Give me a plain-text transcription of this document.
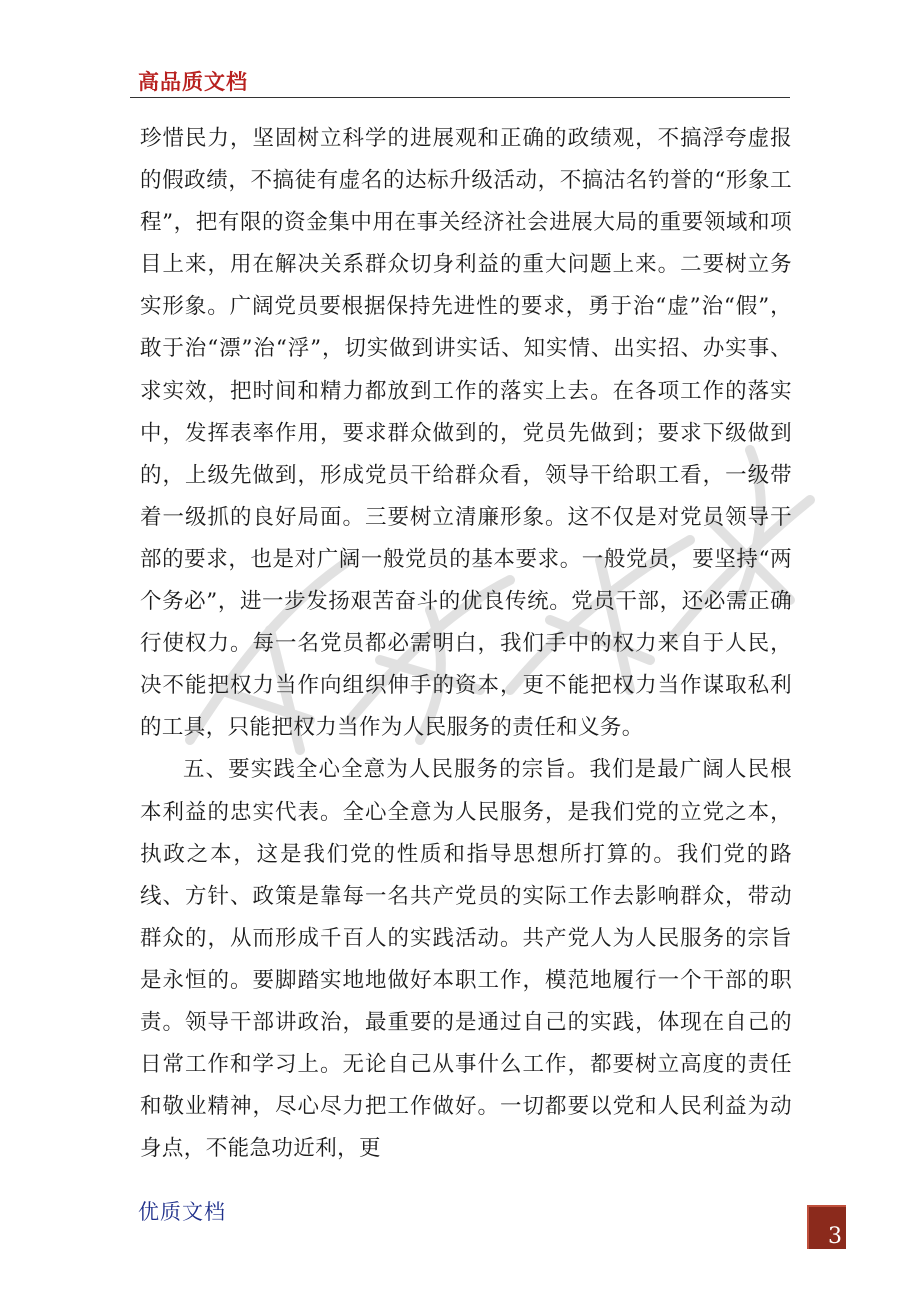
高品质文档

珍惜民力，坚固树立科学的进展观和正确的政绩观，不搞浮夸虚报的假政绩，不搞徒有虚名的达标升级活动，不搞沽名钓誉的“形象工程”，把有限的资金集中用在事关经济社会进展大局的重要领域和项目上来，用在解决关系群众切身利益的重大问题上来。二要树立务实形象。广阔党员要根据保持先进性的要求，勇于治“虚”治“假”，敢于治“漂”治“浮”，切实做到讲实话、知实情、出实招、办实事、求实效，把时间和精力都放到工作的落实上去。在各项工作的落实中，发挥表率作用，要求群众做到的，党员先做到；要求下级做到的，上级先做到，形成党员干给群众看，领导干给职工看，一级带着一级抓的良好局面。三要树立清廉形象。这不仅是对党员领导干部的要求，也是对广阔一般党员的基本要求。一般党员，要坚持“两个务必”，进一步发扬艰苦奋斗的优良传统。党员干部，还必需正确行使权力。每一名党员都必需明白，我们手中的权力来自于人民，决不能把权力当作向组织伸手的资本，更不能把权力当作谋取私利的工具，只能把权力当作为人民服务的责任和义务。

五、要实践全心全意为人民服务的宗旨。我们是最广阔人民根本利益的忠实代表。全心全意为人民服务，是我们党的立党之本，执政之本，这是我们党的性质和指导思想所打算的。我们党的路线、方针、政策是靠每一名共产党员的实际工作去影响群众，带动群众的，从而形成千百人的实践活动。共产党人为人民服务的宗旨是永恒的。要脚踏实地地做好本职工作，模范地履行一个干部的职责。领导干部讲政治，最重要的是通过自己的实践，体现在自己的日常工作和学习上。无论自己从事什么工作，都要树立高度的责任和敬业精神，尽心尽力把工作做好。一切都要以党和人民利益为动身点，不能急功近利，更

优质文档
3
